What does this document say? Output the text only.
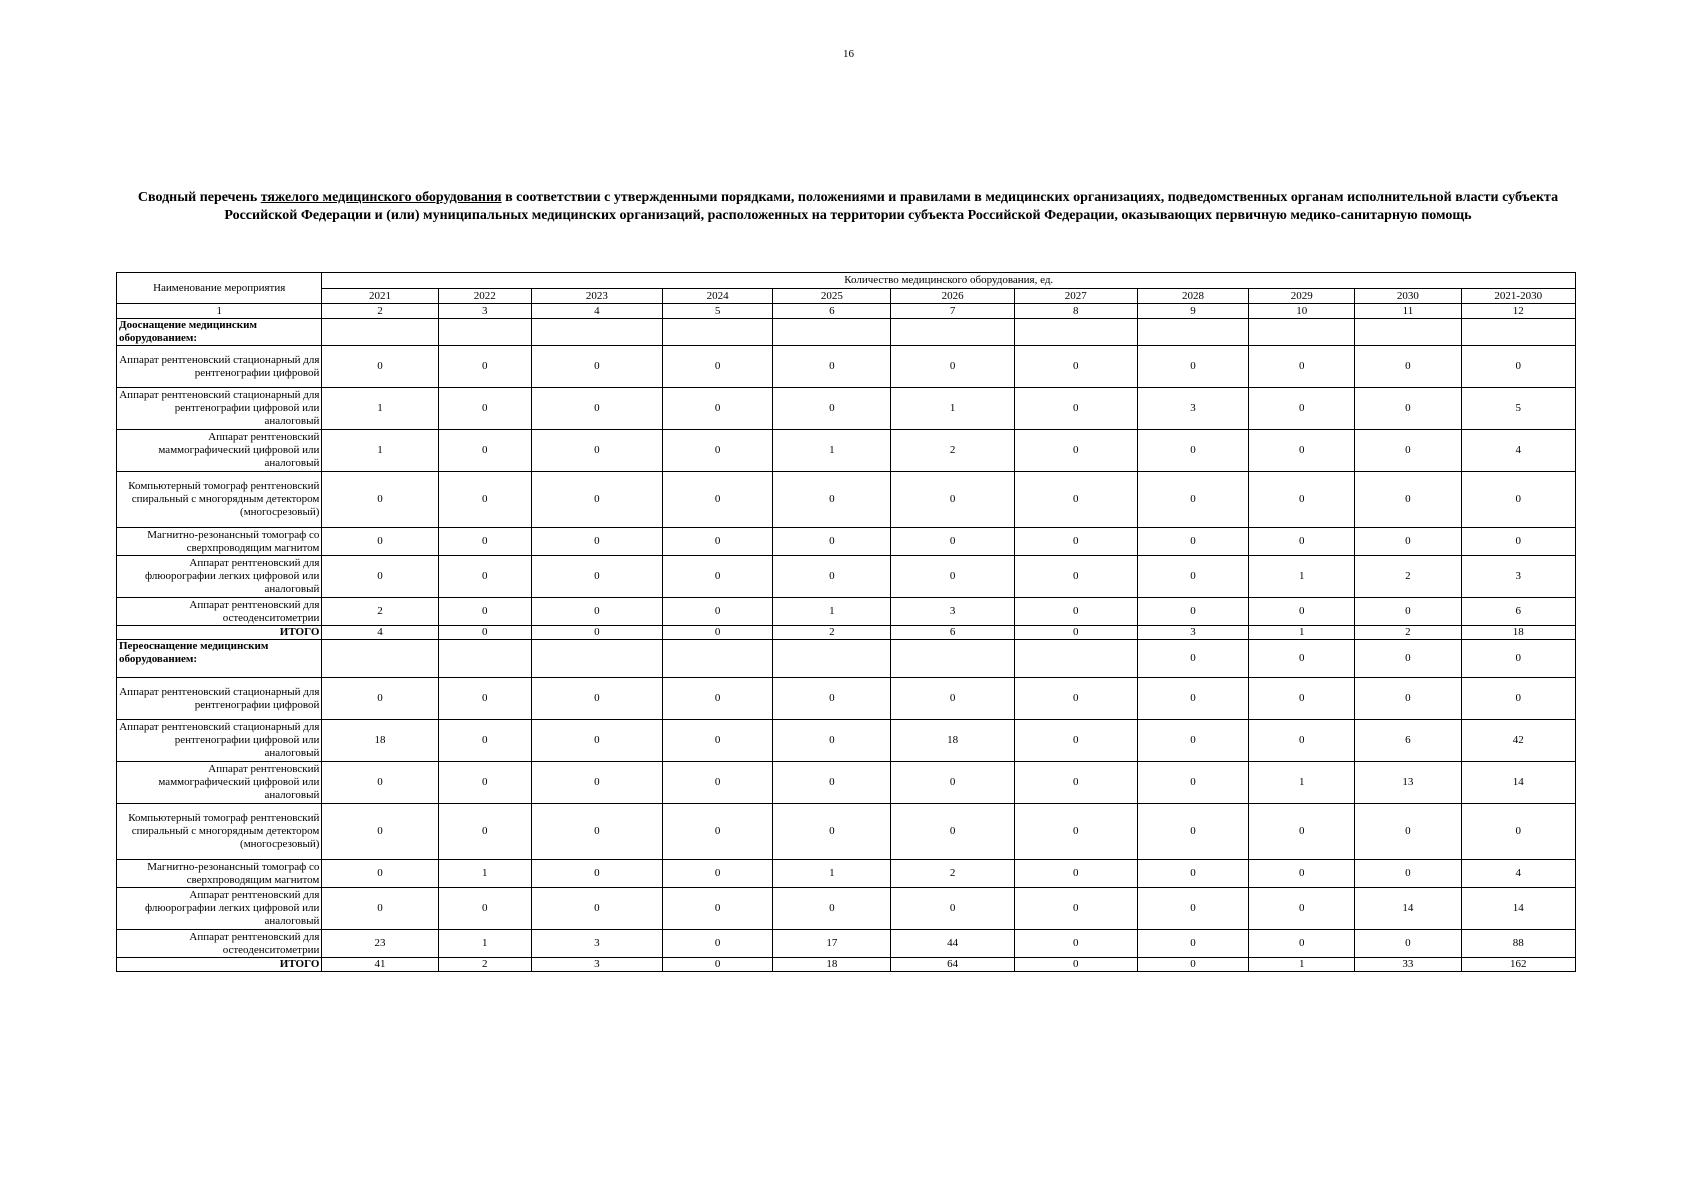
16
Сводный перечень тяжелого медицинского оборудования в соответствии с утвержденными порядками, положениями и правилами в медицинских организациях, подведомственных органам исполнительной власти субъекта Российской Федерации и (или) муниципальных медицинских организаций, расположенных на территории субъекта Российской Федерации, оказывающих первичную медико-санитарную помощь
Наименование мероприятия	Количество медицинского оборудования, ед.										
	2021	2022	2023	2024	2025	2026	2027	2028	2029	2030	2021-2030
1	2	3	4	5	6	7	8	9	10	11	12
Дооснащение медицинским оборудованием:											
Аппарат рентгеновский стационарный для рентгенографии цифровой	0	0	0	0	0	0	0	0	0	0	0
Аппарат рентгеновский стационарный для рентгенографии цифровой или аналоговый	1	0	0	0	0	1	0	3	0	0	5
Аппарат рентгеновский маммографический цифровой или аналоговый	1	0	0	0	1	2	0	0	0	0	4
Компьютерный томограф рентгеновский спиральный с многорядным детектором (многосрезовый)	0	0	0	0	0	0	0	0	0	0	0
Магнитно-резонансный томограф со сверхпроводящим магнитом	0	0	0	0	0	0	0	0	0	0	0
Аппарат рентгеновский для флюорографии легких цифровой или аналоговый	0	0	0	0	0	0	0	0	1	2	3
Аппарат рентгеновский для остеоденситометрии	2	0	0	0	1	3	0	0	0	0	6
ИТОГО	4	0	0	0	2	6	0	3	1	2	18
Переоснащение медицинским оборудованием:								0	0	0	0
Аппарат рентгеновский стационарный для рентгенографии цифровой	0	0	0	0	0	0	0	0	0	0	0
Аппарат рентгеновский стационарный для рентгенографии цифровой или аналоговый	18	0	0	0	0	18	0	0	0	6	42
Аппарат рентгеновский маммографический цифровой или аналоговый	0	0	0	0	0	0	0	0	1	13	14
Компьютерный томограф рентгеновский спиральный с многорядным детектором (многосрезовый)	0	0	0	0	0	0	0	0	0	0	0
Магнитно-резонансный томограф со сверхпроводящим магнитом	0	1	0	0	1	2	0	0	0	0	4
Аппарат рентгеновский для флюорографии легких цифровой или аналоговый	0	0	0	0	0	0	0	0	0	14	14
Аппарат рентгеновский для остеоденситометрии	23	1	3	0	17	44	0	0	0	0	88
ИТОГО	41	2	3	0	18	64	0	0	1	33	162
